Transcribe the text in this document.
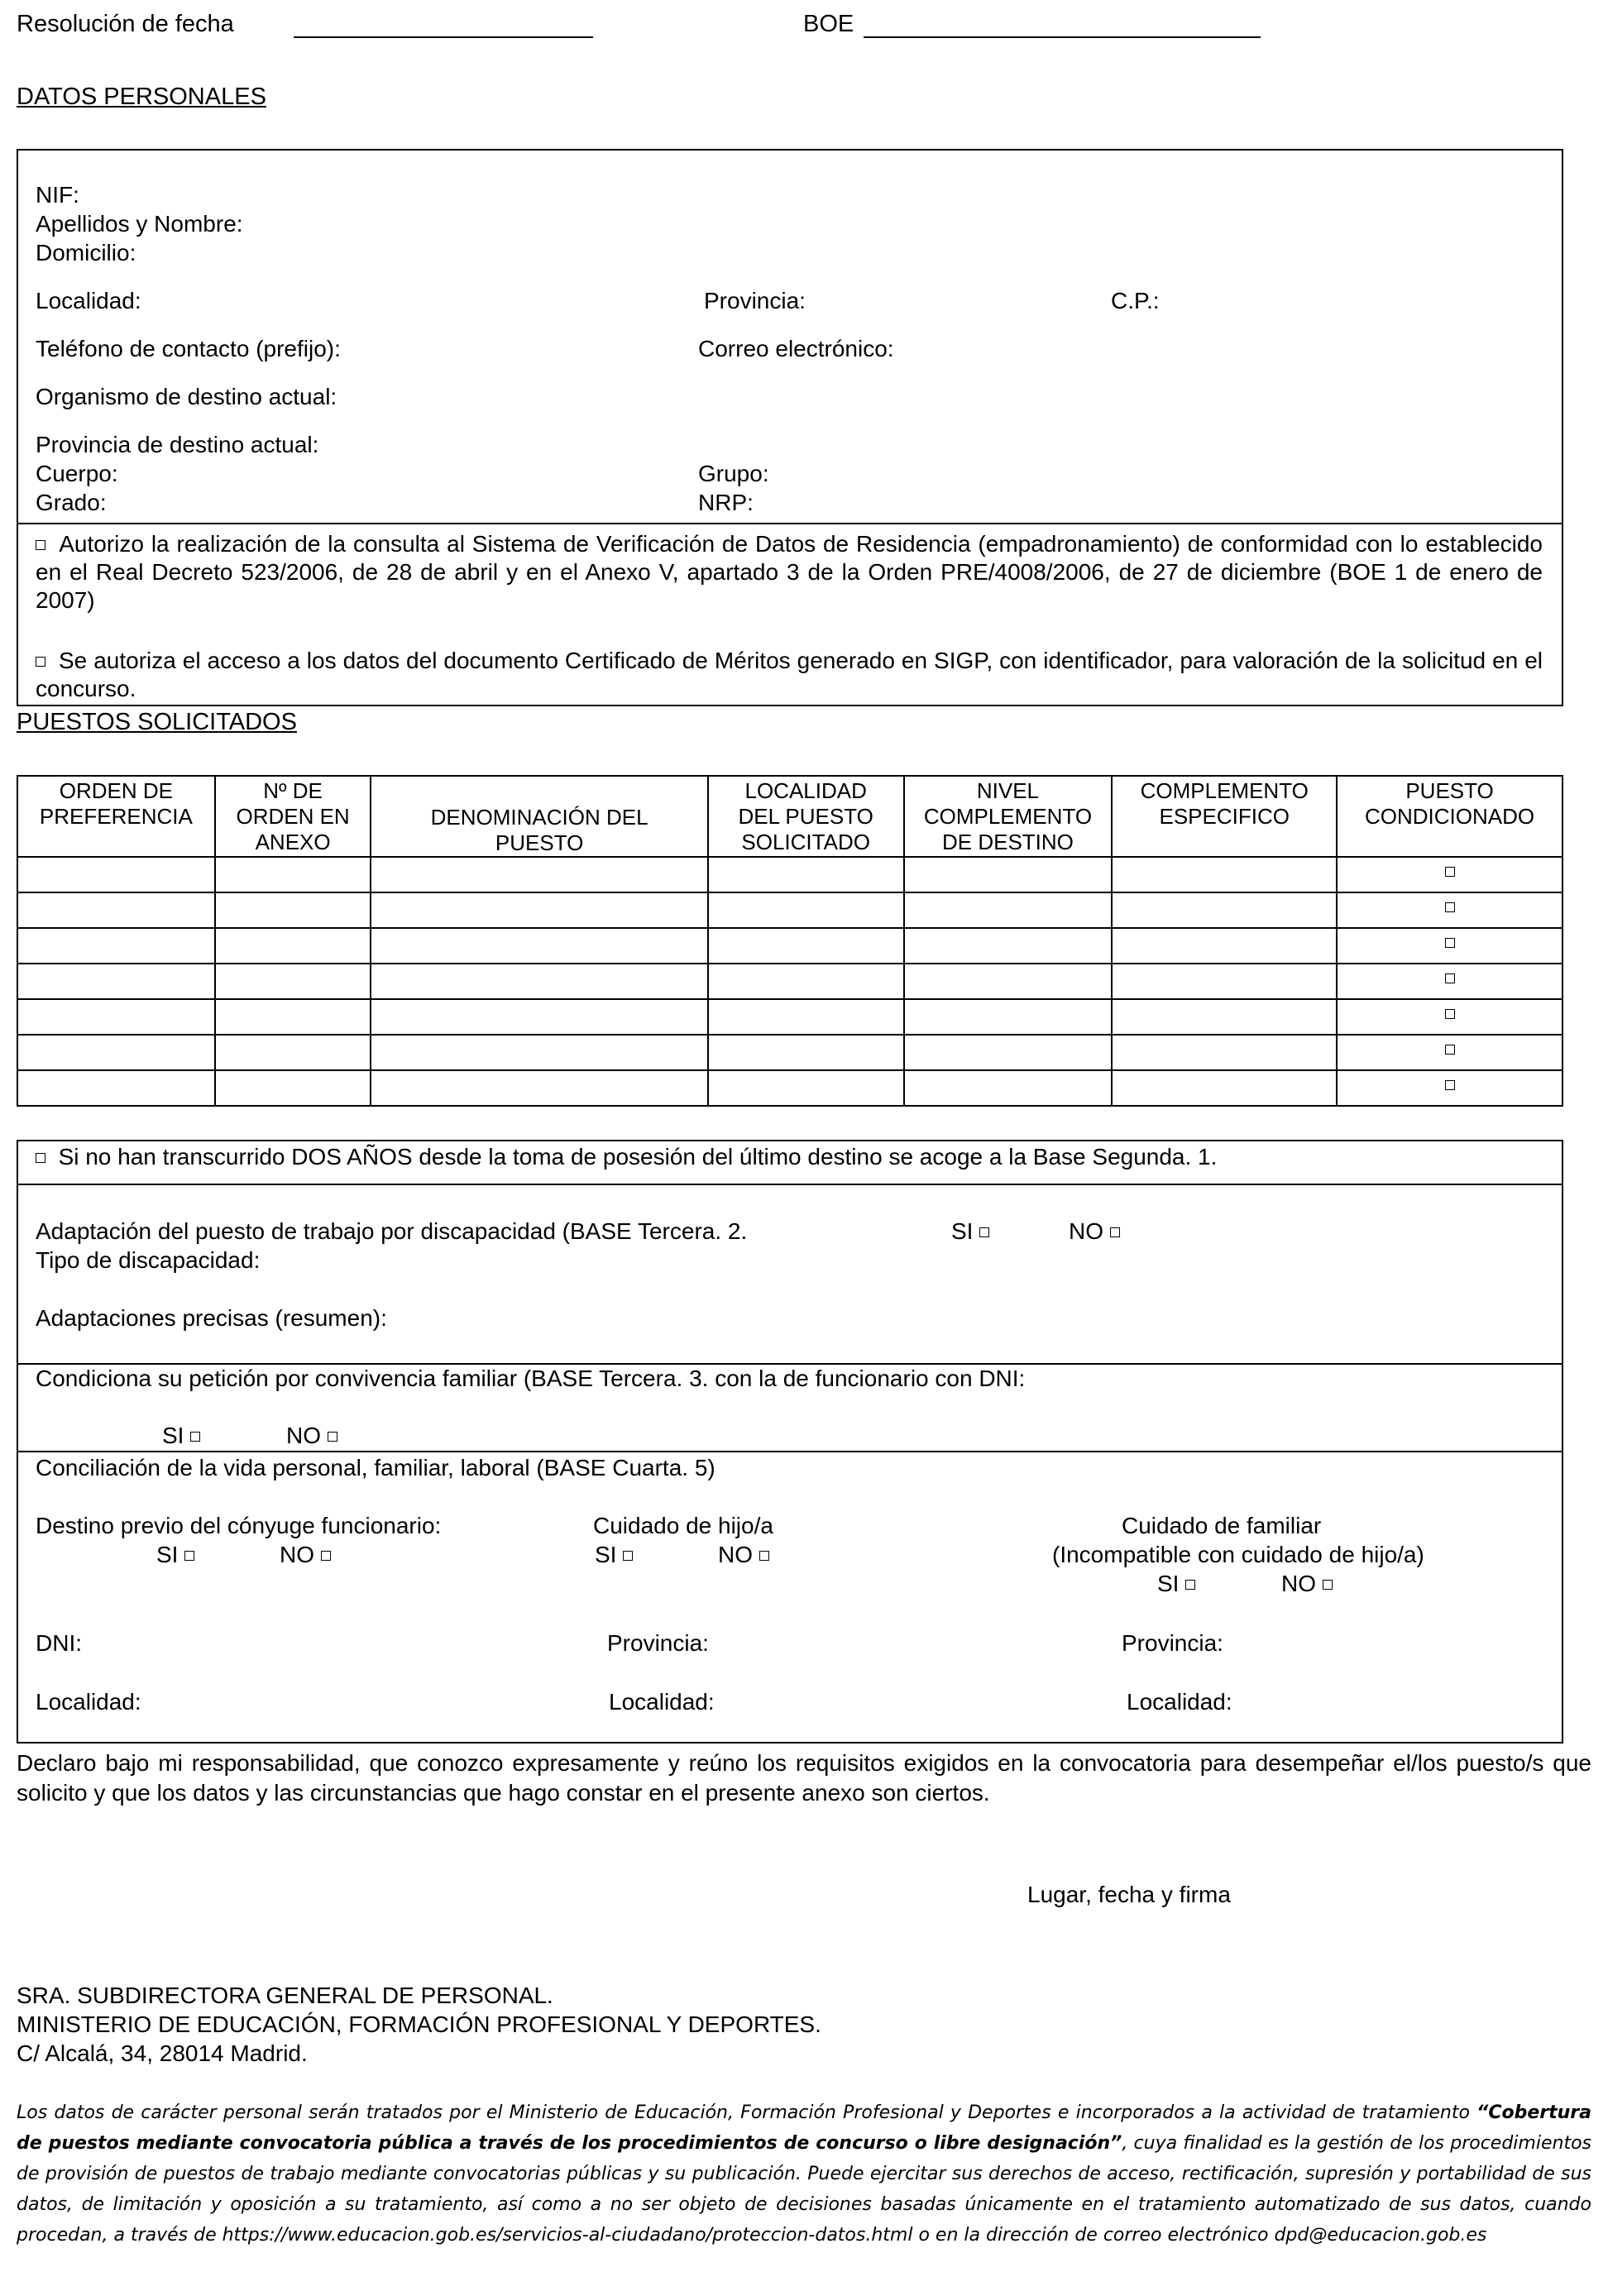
Resolución de fecha	BOE
DATOS PERSONALES
NIF:
Apellidos y Nombre:
Domicilio:
Localidad:	Provincia:	C.P.:
Teléfono de contacto (prefijo):	Correo electrónico:
Organismo de destino actual:
Provincia de destino actual:
Cuerpo:	Grupo:
Grado:	NRP:
Autorizo la realización de la consulta al Sistema de Verificación de Datos de Residencia (empadronamiento) de conformidad con lo establecido en el Real Decreto 523/2006, de 28 de abril y en el Anexo V, apartado 3 de la Orden PRE/4008/2006, de 27 de diciembre (BOE 1 de enero de 2007)
Se autoriza el acceso a los datos del documento Certificado de Méritos generado en SIGP, con identificador, para valoración de la solicitud en el concurso.
PUESTOS SOLICITADOS
ORDEN DE PREFERENCIA	Nº DE ORDEN EN ANEXO	DENOMINACIÓN DEL PUESTO	LOCALIDAD DEL PUESTO SOLICITADO	NIVEL COMPLEMENTO DE DESTINO	COMPLEMENTO ESPECIFICO	PUESTO CONDICIONADO

Si no han transcurrido DOS AÑOS desde la toma de posesión del último destino se acoge a la Base Segunda. 1.
Adaptación del puesto de trabajo por discapacidad (BASE Tercera. 2.	SI	NO
Tipo de discapacidad:
Adaptaciones precisas (resumen):
Condiciona su petición por convivencia familiar (BASE Tercera. 3. con la de funcionario con DNI:
SI	NO
Conciliación de la vida personal, familiar, laboral (BASE Cuarta. 5)
Destino previo del cónyuge funcionario:
SI	NO
Cuidado de hijo/a
SI	NO
Cuidado de familiar
(Incompatible con cuidado de hijo/a)
SI	NO
DNI:	Provincia:	Provincia:
Localidad:	Localidad:	Localidad:
Declaro bajo mi responsabilidad, que conozco expresamente y reúno los requisitos exigidos en la convocatoria para desempeñar el/los puesto/s que solicito y que los datos y las circunstancias que hago constar en el presente anexo son ciertos.
Lugar, fecha y firma
SRA. SUBDIRECTORA GENERAL DE PERSONAL.
MINISTERIO DE EDUCACIÓN, FORMACIÓN PROFESIONAL Y DEPORTES.
C/ Alcalá, 34, 28014 Madrid.
Los datos de carácter personal serán tratados por el Ministerio de Educación, Formación Profesional y Deportes e incorporados a la actividad de tratamiento “Cobertura de puestos mediante convocatoria pública a través de los procedimientos de concurso o libre designación”, cuya finalidad es la gestión de los procedimientos de provisión de puestos de trabajo mediante convocatorias públicas y su publicación. Puede ejercitar sus derechos de acceso, rectificación, supresión y portabilidad de sus datos, de limitación y oposición a su tratamiento, así como a no ser objeto de decisiones basadas únicamente en el tratamiento automatizado de sus datos, cuando procedan, a través de https://www.educacion.gob.es/servicios-al-ciudadano/proteccion-datos.html o en la dirección de correo electrónico dpd@educacion.gob.es
